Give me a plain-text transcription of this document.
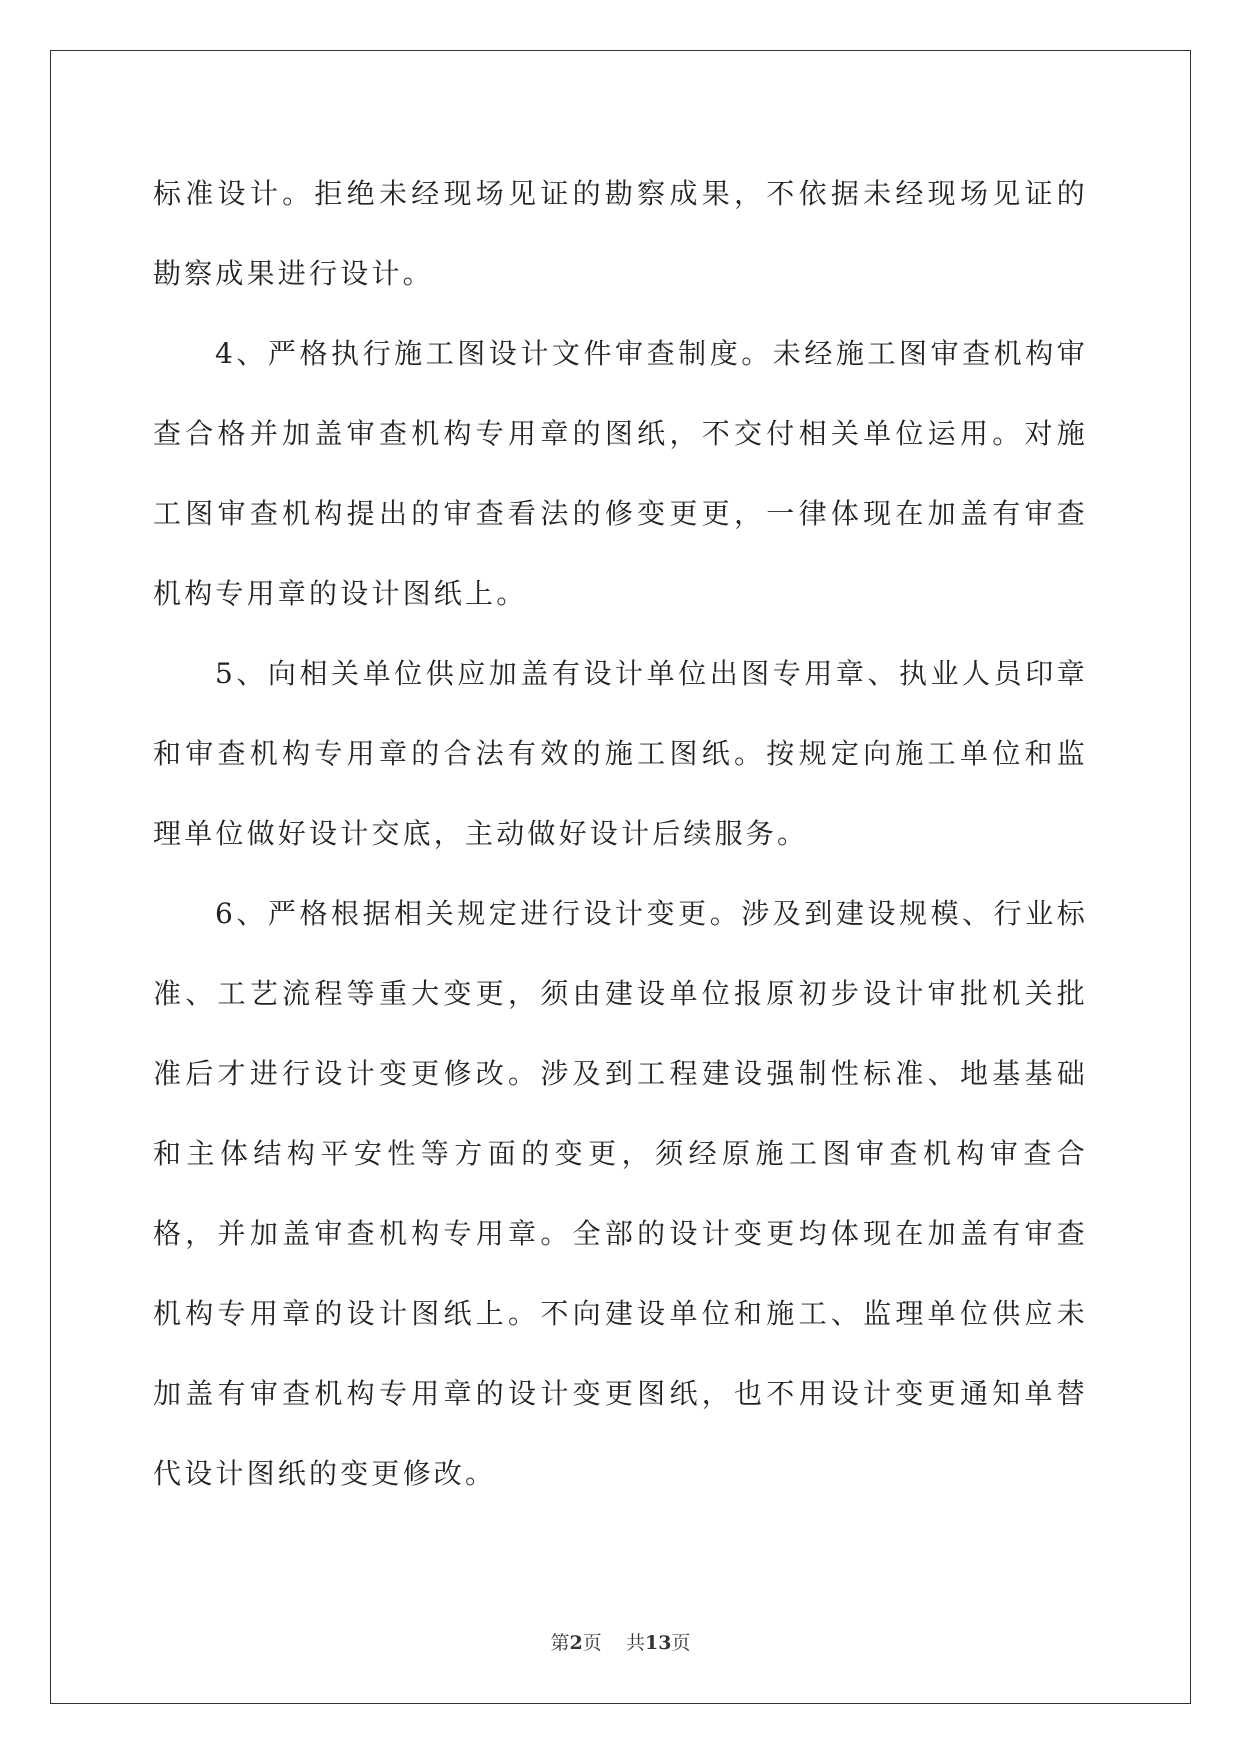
标准设计。拒绝未经现场见证的勘察成果，不依据未经现场见证的勘察成果进行设计。

4、严格执行施工图设计文件审查制度。未经施工图审查机构审查合格并加盖审查机构专用章的图纸，不交付相关单位运用。对施工图审查机构提出的审查看法的修变更更，一律体现在加盖有审查机构专用章的设计图纸上。

5、向相关单位供应加盖有设计单位出图专用章、执业人员印章和审查机构专用章的合法有效的施工图纸。按规定向施工单位和监理单位做好设计交底，主动做好设计后续服务。

6、严格根据相关规定进行设计变更。涉及到建设规模、行业标准、工艺流程等重大变更，须由建设单位报原初步设计审批机关批准后才进行设计变更修改。涉及到工程建设强制性标准、地基基础和主体结构平安性等方面的变更，须经原施工图审查机构审查合格，并加盖审查机构专用章。全部的设计变更均体现在加盖有审查机构专用章的设计图纸上。不向建设单位和施工、监理单位供应未加盖有审查机构专用章的设计变更图纸，也不用设计变更通知单替代设计图纸的变更修改。

第2页 共13页
